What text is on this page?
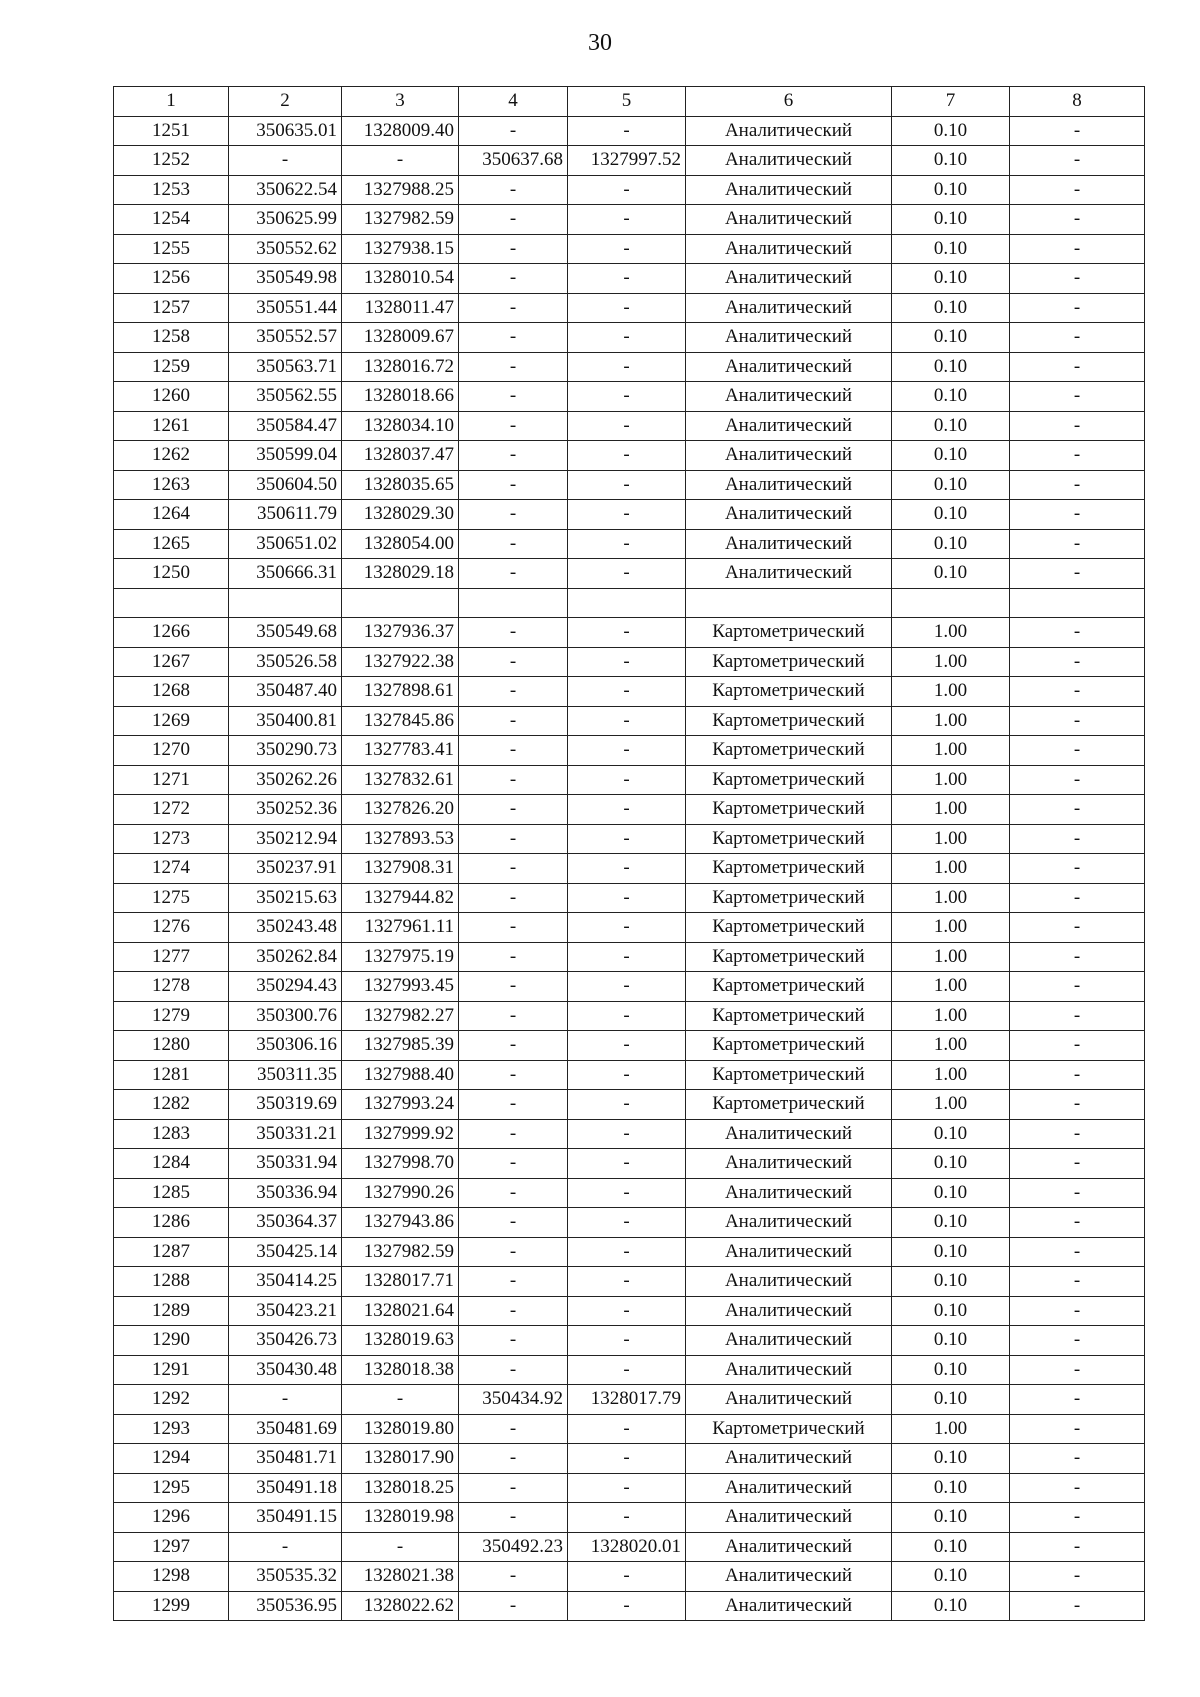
30
1	2	3	4	5	6	7	8
1251	350635.01	1328009.40	-	-	Аналитический	0.10	-
1252	-	-	350637.68	1327997.52	Аналитический	0.10	-
1253	350622.54	1327988.25	-	-	Аналитический	0.10	-
1254	350625.99	1327982.59	-	-	Аналитический	0.10	-
1255	350552.62	1327938.15	-	-	Аналитический	0.10	-
1256	350549.98	1328010.54	-	-	Аналитический	0.10	-
1257	350551.44	1328011.47	-	-	Аналитический	0.10	-
1258	350552.57	1328009.67	-	-	Аналитический	0.10	-
1259	350563.71	1328016.72	-	-	Аналитический	0.10	-
1260	350562.55	1328018.66	-	-	Аналитический	0.10	-
1261	350584.47	1328034.10	-	-	Аналитический	0.10	-
1262	350599.04	1328037.47	-	-	Аналитический	0.10	-
1263	350604.50	1328035.65	-	-	Аналитический	0.10	-
1264	350611.79	1328029.30	-	-	Аналитический	0.10	-
1265	350651.02	1328054.00	-	-	Аналитический	0.10	-
1250	350666.31	1328029.18	-	-	Аналитический	0.10	-

1266	350549.68	1327936.37	-	-	Картометрический	1.00	-
1267	350526.58	1327922.38	-	-	Картометрический	1.00	-
1268	350487.40	1327898.61	-	-	Картометрический	1.00	-
1269	350400.81	1327845.86	-	-	Картометрический	1.00	-
1270	350290.73	1327783.41	-	-	Картометрический	1.00	-
1271	350262.26	1327832.61	-	-	Картометрический	1.00	-
1272	350252.36	1327826.20	-	-	Картометрический	1.00	-
1273	350212.94	1327893.53	-	-	Картометрический	1.00	-
1274	350237.91	1327908.31	-	-	Картометрический	1.00	-
1275	350215.63	1327944.82	-	-	Картометрический	1.00	-
1276	350243.48	1327961.11	-	-	Картометрический	1.00	-
1277	350262.84	1327975.19	-	-	Картометрический	1.00	-
1278	350294.43	1327993.45	-	-	Картометрический	1.00	-
1279	350300.76	1327982.27	-	-	Картометрический	1.00	-
1280	350306.16	1327985.39	-	-	Картометрический	1.00	-
1281	350311.35	1327988.40	-	-	Картометрический	1.00	-
1282	350319.69	1327993.24	-	-	Картометрический	1.00	-
1283	350331.21	1327999.92	-	-	Аналитический	0.10	-
1284	350331.94	1327998.70	-	-	Аналитический	0.10	-
1285	350336.94	1327990.26	-	-	Аналитический	0.10	-
1286	350364.37	1327943.86	-	-	Аналитический	0.10	-
1287	350425.14	1327982.59	-	-	Аналитический	0.10	-
1288	350414.25	1328017.71	-	-	Аналитический	0.10	-
1289	350423.21	1328021.64	-	-	Аналитический	0.10	-
1290	350426.73	1328019.63	-	-	Аналитический	0.10	-
1291	350430.48	1328018.38	-	-	Аналитический	0.10	-
1292	-	-	350434.92	1328017.79	Аналитический	0.10	-
1293	350481.69	1328019.80	-	-	Картометрический	1.00	-
1294	350481.71	1328017.90	-	-	Аналитический	0.10	-
1295	350491.18	1328018.25	-	-	Аналитический	0.10	-
1296	350491.15	1328019.98	-	-	Аналитический	0.10	-
1297	-	-	350492.23	1328020.01	Аналитический	0.10	-
1298	350535.32	1328021.38	-	-	Аналитический	0.10	-
1299	350536.95	1328022.62	-	-	Аналитический	0.10	-
